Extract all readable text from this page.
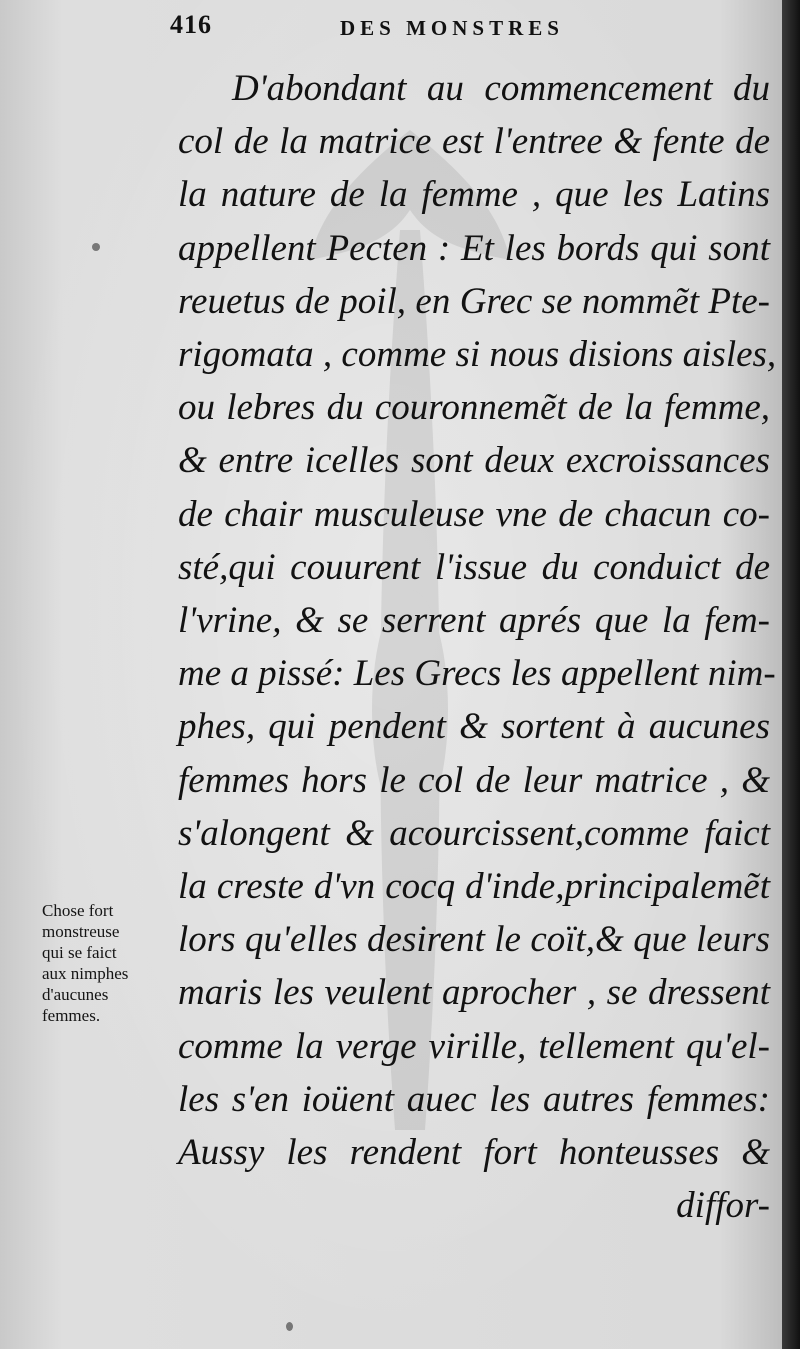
416	DES MONSTRES
D'abondant au commencement du
col de la matrice est l'entree & fente de
la nature de la femme , que les Latins
appellent Pecten : Et les bords qui sont
reuetus de poil, en Grec se nommẽt Pte-
rigomata , comme si nous disions aisles,
ou lebres du couronnemẽt de la femme,
& entre icelles sont deux excroissances
de chair musculeuse vne de chacun co-
sté,qui couurent l'issue du conduict de
l'vrine, & se serrent aprés que la fem-
me a pissé: Les Grecs les appellent nim-
phes, qui pendent & sortent à aucunes
femmes hors le col de leur matrice , &
s'alongent & acourcissent,comme faict
la creste d'vn cocq d'inde,principalemẽt
lors qu'elles desirent le coït,& que leurs
maris les veulent aprocher , se dressent
comme la verge virille, tellement qu'el-
les s'en ioüent auec les autres femmes:
Aussy les rendent fort honteusses &
diffor-
Chose fort
monstreuse
qui se faict
aux nimphes
d'aucunes
femmes.
